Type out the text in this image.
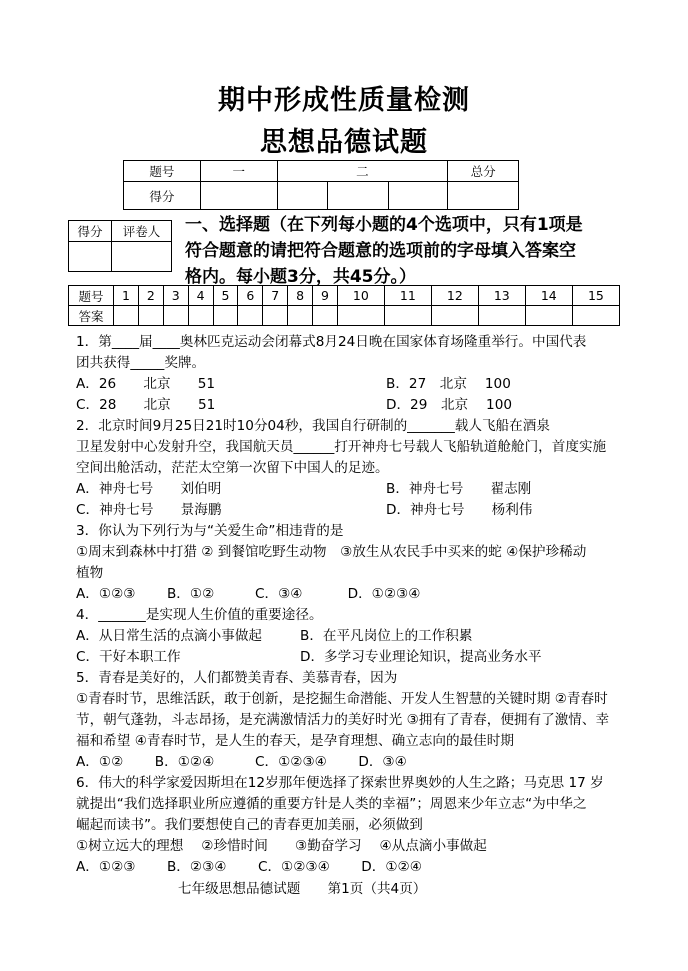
期中形成性质量检测
思想品德试题
题号	一	二			总分
得分					
得分	评卷人
	一、选择题（在下列每小题的4个选项中，只有1项是
符合题意的请把符合题意的选项前的字母填入答案空
格内。每小题3分，共45分。）
题号	1	2	3	4	5	6	7	8	9	10	11	12	13	14	15
答案															
1．第____届____奥林匹克运动会闭幕式8月24日晚在国家体育场隆重举行。中国代表
团共获得_____奖牌。
A．26　　北京　　51	B．27　北京　 100
C．28　　北京　　51	D．29　北京　 100
2．北京时间9月25日21时10分04秒，我国自行研制的_______载人飞船在酒泉
卫星发射中心发射升空，我国航天员______打开神舟七号载人飞船轨道舱舱门，首度实施
空间出舱活动，茫茫太空第一次留下中国人的足迹。
A．神舟七号　　刘伯明	B．神舟七号　　翟志刚
C．神舟七号　　景海鹏	D．神舟七号　　杨利伟
3．你认为下列行为与“关爱生命”相违背的是
①周末到森林中打猎 ② 到餐馆吃野生动物　③放生从农民手中买来的蛇 ④保护珍稀动
植物
A．①②③　　 B．①②　　　C．③④　　　 D．①②③④
4．_______是实现人生价值的重要途径。
A．从日常生活的点滴小事做起	B．在平凡岗位上的工作积累
C．干好本职工作	D．多学习专业理论知识，提高业务水平
5．青春是美好的，人们都赞美青春、美慕青春，因为
①青春时节，思维活跃，敢于创新，是挖掘生命潜能、开发人生智慧的关键时期 ②青春时
节，朝气蓬勃，斗志昂扬，是充满激情活力的美好时光 ③拥有了青春，便拥有了激情、幸
福和希望 ④青春时节，是人生的春天，是孕育理想、确立志向的最佳时期
A．①②　　 B．①②④　　　C．①②③④　　 D．③④
6．伟大的科学家爱因斯坦在12岁那年便选择了探索世界奥妙的人生之路；马克思 17 岁
就提出“我们选择职业所应遵循的重要方针是人类的幸福”；周恩来少年立志“为中华之
崛起而读书”。我们要想使自己的青春更加美丽，必须做到
①树立远大的理想　 ②珍惜时间　　③勤奋学习　 ④从点滴小事做起
A．①②③　　 B．②③④　　 C．①②③④　　 D．①②④
七年级思想品德试题　　第1页（共4页）
